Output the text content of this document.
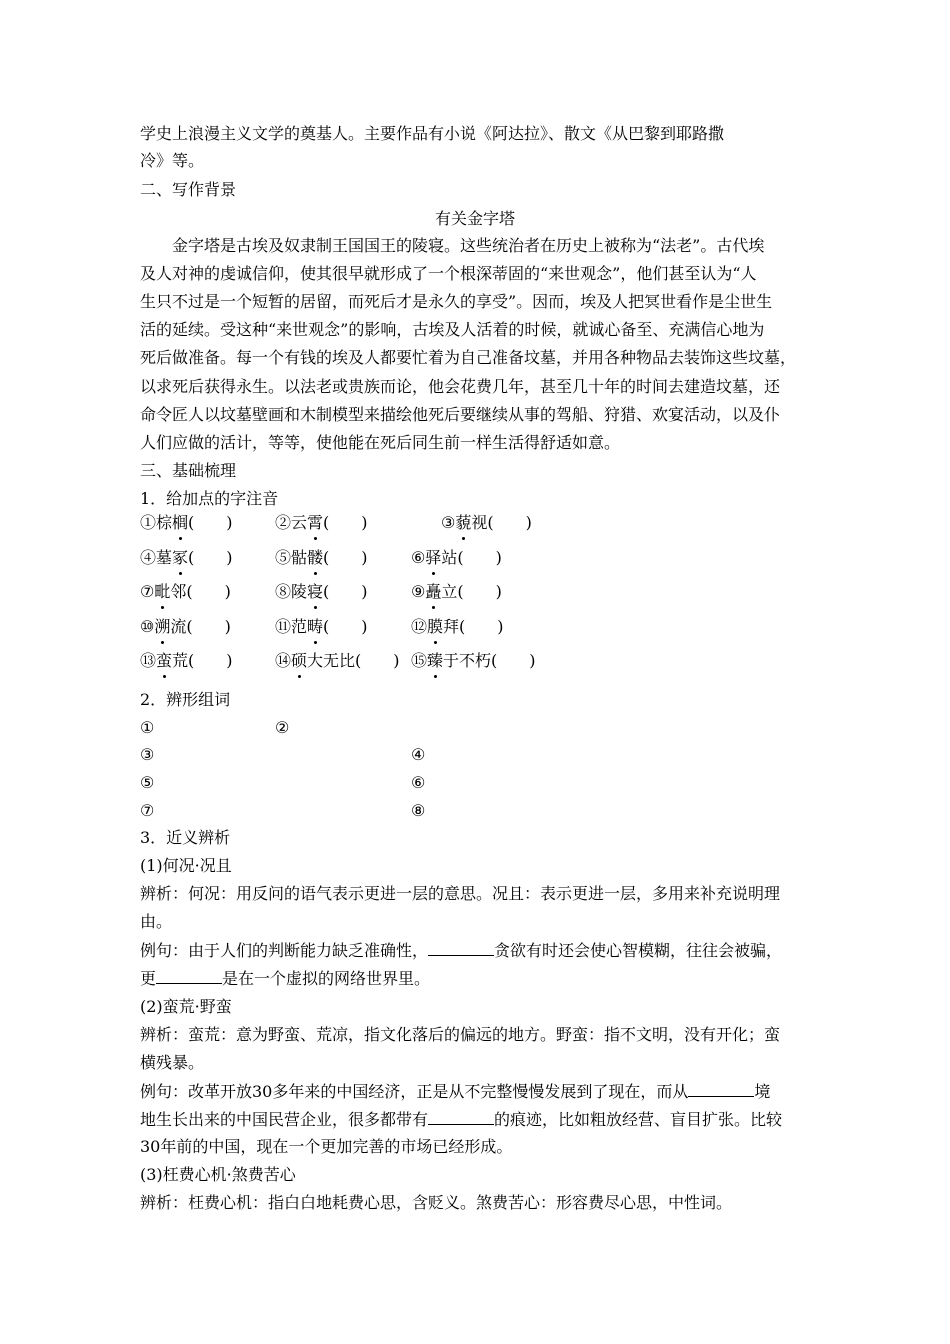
学史上浪漫主义文学的奠基人。主要作品有小说《阿达拉》、散文《从巴黎到耶路撒
冷》等。
二、写作背景
有关金字塔
金字塔是古埃及奴隶制王国国王的陵寝。这些统治者在历史上被称为“法老”。古代埃
及人对神的虔诚信仰，使其很早就形成了一个根深蒂固的“来世观念”，他们甚至认为“人
生只不过是一个短暂的居留，而死后才是永久的享受”。因而，埃及人把冥世看作是尘世生
活的延续。受这种“来世观念”的影响，古埃及人活着的时候，就诚心备至、充满信心地为
死后做准备。每一个有钱的埃及人都要忙着为自己准备坟墓，并用各种物品去装饰这些坟墓，
以求死后获得永生。以法老或贵族而论，他会花费几年，甚至几十年的时间去建造坟墓，还
命令匠人以坟墓壁画和木制模型来描绘他死后要继续从事的驾船、狩猎、欢宴活动，以及仆
人们应做的活计，等等，使他能在死后同生前一样生活得舒适如意。
三、基础梳理
1．给加点的字注音
①棕榈(　　)	②云霄(　　)	③藐视(　　)
④墓冢(　　)	⑤骷髅(　　)	⑥驿站(　　)
⑦毗邻(　　)	⑧陵寝(　　)	⑨矗立(　　)
⑩溯流(　　)	⑪范畴(　　)	⑫膜拜(　　)
⑬蛮荒(　　)	⑭硕大无比(　　) ⑮臻于不朽(　　)
2．辨形组词
①	②
③	④
⑤	⑥
⑦	⑧
3．近义辨析
(1)何况·况且
辨析：何况：用反问的语气表示更进一层的意思。况且：表示更进一层，多用来补充说明理
由。
例句：由于人们的判断能力缺乏准确性，	贪欲有时还会使心智模糊，往往会被骗，
更	是在一个虚拟的网络世界里。
(2)蛮荒·野蛮
辨析：蛮荒：意为野蛮、荒凉，指文化落后的偏远的地方。野蛮：指不文明，没有开化；蛮
横残暴。
例句：改革开放30多年来的中国经济，正是从不完整慢慢发展到了现在，而从	境
地生长出来的中国民营企业，很多都带有	的痕迹，比如粗放经营、盲目扩张。比较
30年前的中国，现在一个更加完善的市场已经形成。
(3)枉费心机·煞费苦心
辨析：枉费心机：指白白地耗费心思，含贬义。煞费苦心：形容费尽心思，中性词。
